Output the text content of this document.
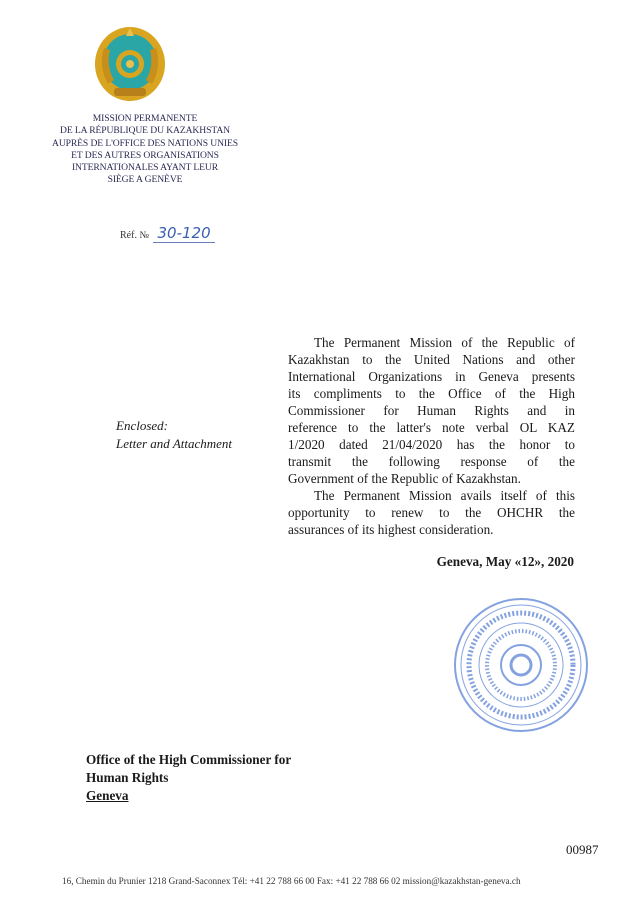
MISSION PERMANENTE
DE LA RÉPUBLIQUE DU KAZAKHSTAN
AUPRÈS DE L'OFFICE DES NATIONS UNIES
ET DES AUTRES ORGANISATIONS
INTERNATIONALES AYANT LEUR
SIÈGE A GENÈVE
Réf. № 30-120
Enclosed:
Letter and Attachment
The Permanent Mission of the Republic of
Kazakhstan to the United Nations and other
International Organizations in Geneva presents
its compliments to the Office of the High
Commissioner for Human Rights and in
reference to the latter's note verbal OL KAZ
1/2020 dated 21/04/2020 has the honor to
transmit the following response of the
Government of the Republic of Kazakhstan.
The Permanent Mission avails itself of this
opportunity to renew to the OHCHR the
assurances of its highest consideration.
Geneva, May «12», 2020
Office of the High Commissioner for
Human Rights
Geneva
00987
16, Chemin du Prunier 1218 Grand-Saconnex Tél: +41 22 788 66 00 Fax: +41 22 788 66 02 mission@kazakhstan-geneva.ch
